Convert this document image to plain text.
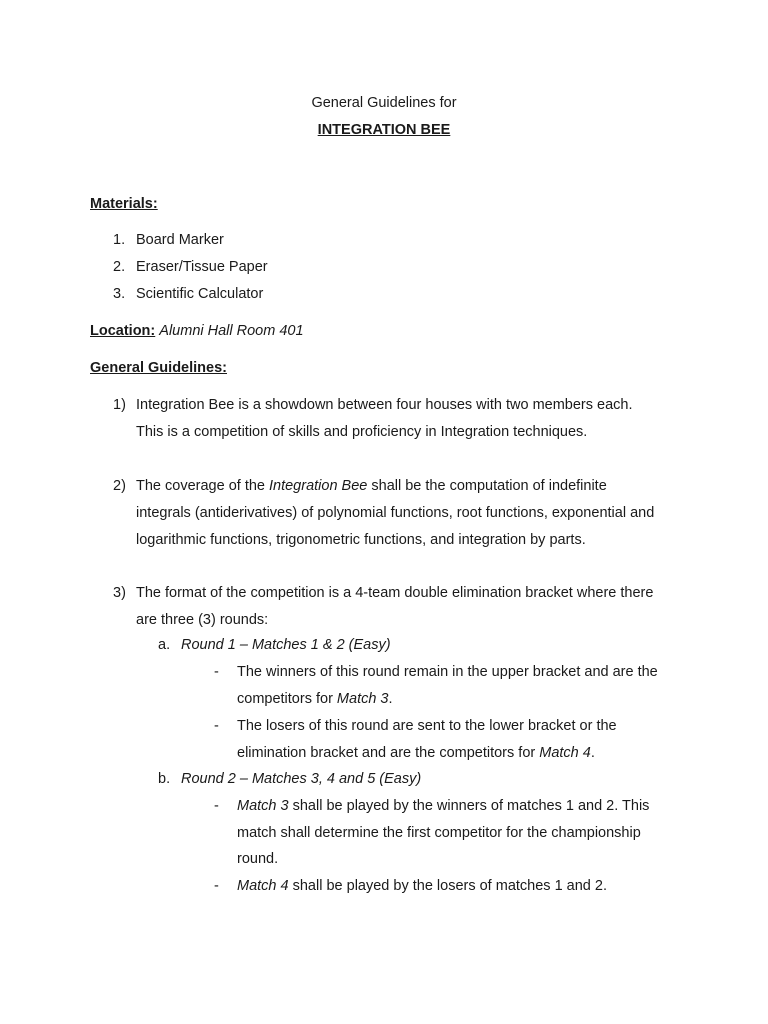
General Guidelines for
INTEGRATION BEE
Materials:
1. Board Marker
2. Eraser/Tissue Paper
3. Scientific Calculator
Location: Alumni Hall Room 401
General Guidelines:
1) Integration Bee is a showdown between four houses with two members each.
This is a competition of skills and proficiency in Integration techniques.
2) The coverage of the Integration Bee shall be the computation of indefinite
integrals (antiderivatives) of polynomial functions, root functions, exponential and
logarithmic functions, trigonometric functions, and integration by parts.
3) The format of the competition is a 4-team double elimination bracket where there
are three (3) rounds:
a. Round 1 – Matches 1 & 2 (Easy)
- The winners of this round remain in the upper bracket and are the
competitors for Match 3.
- The losers of this round are sent to the lower bracket or the
elimination bracket and are the competitors for Match 4.
b. Round 2 – Matches 3, 4 and 5 (Easy)
- Match 3 shall be played by the winners of matches 1 and 2. This
match shall determine the first competitor for the championship
round.
- Match 4 shall be played by the losers of matches 1 and 2.
